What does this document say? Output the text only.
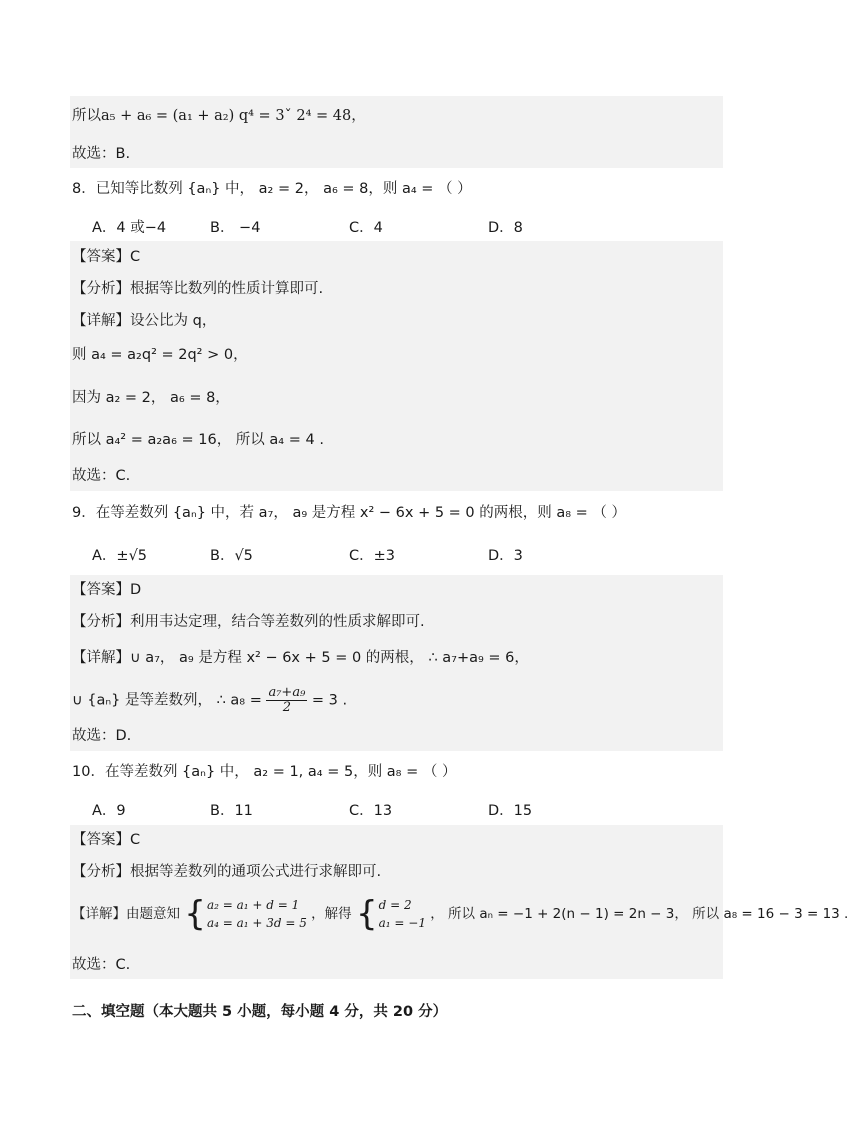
所以a₅ + a₆ = (a₁ + a₂) q⁴ = 3ˇ 2⁴ = 48，
故选：B.
8．已知等比数列 {aₙ} 中， a₂ = 2， a₆ = 8，则 a₄ = （ ）
A．4 或−4	B． −4	C．4	D．8
【答案】C
【分析】根据等比数列的性质计算即可.
【详解】设公比为 q，
则 a₄ = a₂q² = 2q² > 0，
因为 a₂ = 2， a₆ = 8，
所以 a₄² = a₂a₆ = 16， 所以 a₄ = 4 .
故选：C.
9．在等差数列 {aₙ} 中，若 a₇， a₉ 是方程 x² − 6x + 5 = 0 的两根，则 a₈ = （ ）
A．±√5	B．√5	C．±3	D．3
【答案】D
【分析】利用韦达定理，结合等差数列的性质求解即可.
【详解】∪ a₇， a₉ 是方程 x² − 6x + 5 = 0 的两根， ∴ a₇+a₉ = 6，
∪ {aₙ} 是等差数列， ∴ $a_8 = \frac{\text{a₇+a₉}}{2} = 3$ .
故选：D.
10．在等差数列 {aₙ} 中， a₂ = 1, a₄ = 5，则 a₈ = （ ）
A．9	B．11	C．13	D．15
【答案】C
【分析】根据等差数列的通项公式进行求解即可.
【详解】由题意知 { a₂ = a₁ + d = 1
a₄ = a₁ + 3d = 5
，解得 { d = 2
a₁ = −1
， 所以 aₙ = −1 + 2(n − 1) = 2n − 3， 所以 a₈ = 16 − 3 = 13 .
故选：C.
二、填空题（本大题共 5 小题，每小题 4 分，共 20 分）
